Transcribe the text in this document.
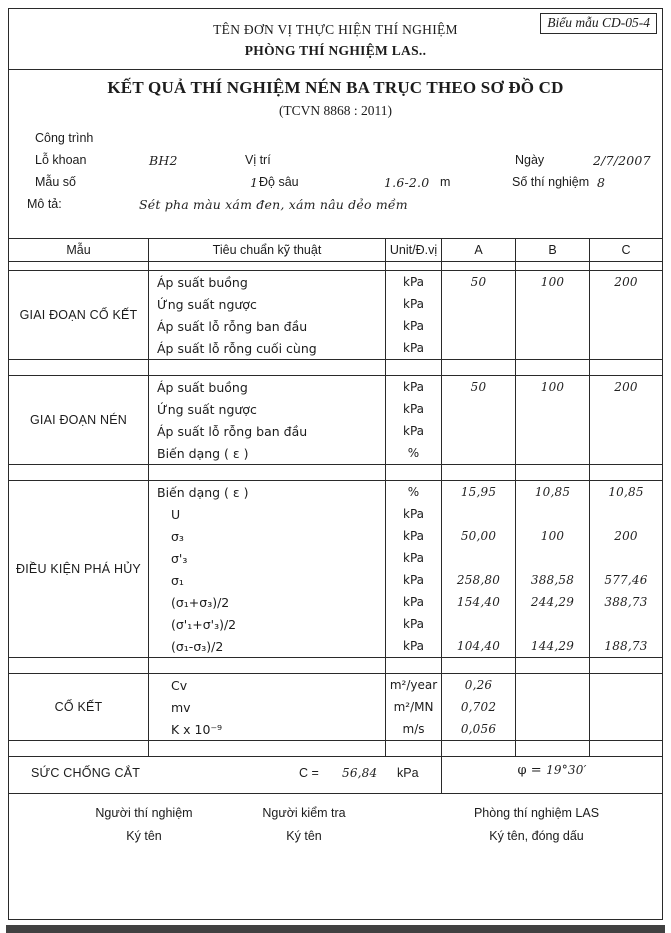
TÊN ĐƠN VỊ THỰC HIỆN THÍ NGHIỆM
PHÒNG THÍ NGHIỆM LAS..
Biểu mẫu CD-05-4
KẾT QUẢ THÍ NGHIỆM NÉN BA TRỤC THEO SƠ ĐỒ CD
(TCVN 8868 : 2011)
Công trình
Lỗ khoan	BH2	Vị trí	Ngày	2/7/2007
Mẫu số	1 Độ sâu	1.6-2.0 m	Số thí nghiệm 8
Mô tả:	Sét pha màu xám đen, xám nâu dẻo mềm
Mẫu	Tiêu chuẩn kỹ thuật	Unit/Đ.vị	A	B	C
GIAI ĐOẠN CỐ KẾT
Áp suất buồng	kPa	50	100	200
Ứng suất ngược	kPa
Áp suất lỗ rỗng ban đầu	kPa
Áp suất lỗ rỗng cuối cùng	kPa
GIAI ĐOẠN NÉN
Áp suất buồng	kPa	50	100	200
Ứng suất ngược	kPa
Áp suất lỗ rỗng ban đầu	kPa
Biến dạng ( ε )	%
ĐIỀU KIỆN PHÁ HỦY
Biến dạng ( ε )	%	15,95	10,85	10,85
U	kPa
σ₃	kPa	50,00	100	200
σ'₃	kPa
σ₁	kPa	258,80	388,58	577,46
(σ₁+σ₃)/2	kPa	154,40	244,29	388,73
(σ'₁+σ'₃)/2	kPa
(σ₁-σ₃)/2	kPa	104,40	144,29	188,73
CỐ KẾT
Cv	m²/year	0,26
mv	m²/MN	0,702
K x 10⁻⁹	m/s	0,056
SỨC CHỐNG CẮT	C = 56,84 kPa	φ = 19°30′
Người thí nghiệm
Ký tên
Người kiểm tra
Ký tên
Phòng thí nghiệm LAS
Ký tên, đóng dấu
